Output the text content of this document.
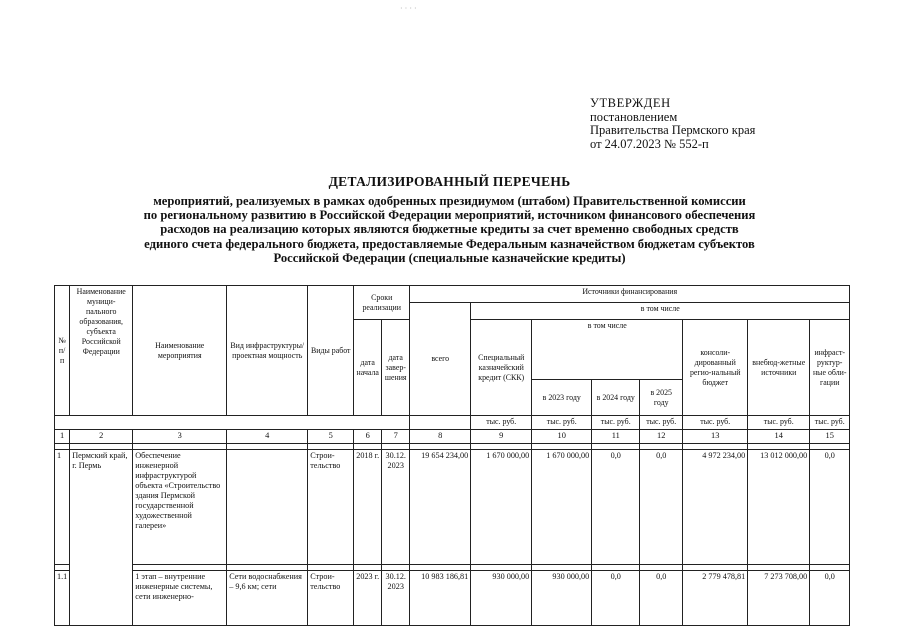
· · · ·
УТВЕРЖДЕН
постановлением
Правительства Пермского края
от 24.07.2023 № 552-п
ДЕТАЛИЗИРОВАННЫЙ ПЕРЕЧЕНЬ
мероприятий, реализуемых в рамках одобренных президиумом (штабом) Правительственной комиссии
по региональному развитию в Российской Федерации мероприятий, источником финансового обеспечения
расходов на реализацию которых являются бюджетные кредиты за счет временно свободных средств
единого счета федерального бюджета, предоставляемые Федеральным казначейством бюджетам субъектов
Российской Федерации (специальные казначейские кредиты)
№ п/п	Наименование муници-пального образования, субъекта Российской Федерации	Наименование мероприятия	Вид инфраструктуры/ проектная мощность	Виды работ	Сроки реализации		Источники финансирования							
							всего	в том числе						
					дата начала	дата завер-шения		Специальный казначейский кредит (СКК)	в том числе			консоли-дированный регио-нальный бюджет	внебюд-жетные источники	инфраст-руктур-ные обли-гации
									в 2023 году	в 2024 году	в 2025 году			
								тыс. руб.	тыс. руб.	тыс. руб.	тыс. руб.	тыс. руб.	тыс. руб.	тыс. руб.
1	2	3	4	5	6	7	8	9	10	11	12	13	14	15

1	Пермский край, г. Пермь	Обеспечение инженерной инфраструктурой объекта «Строительство здания Пермской государственной художественной галереи»		Строи-тельство	2018 г.	30.12. 2023	19 654 234,00	1 670 000,00	1 670 000,00	0,0	0,0	4 972 234,00	13 012 000,00	0,0

1.1		1 этап – внутренние инженерные системы, сети инженерно-	Сети водоснабжения – 9,6 км; сети	Строи-тельство	2023 г.	30.12. 2023	10 983 186,81	930 000,00	930 000,00	0,0	0,0	2 779 478,81	7 273 708,00	0,0
